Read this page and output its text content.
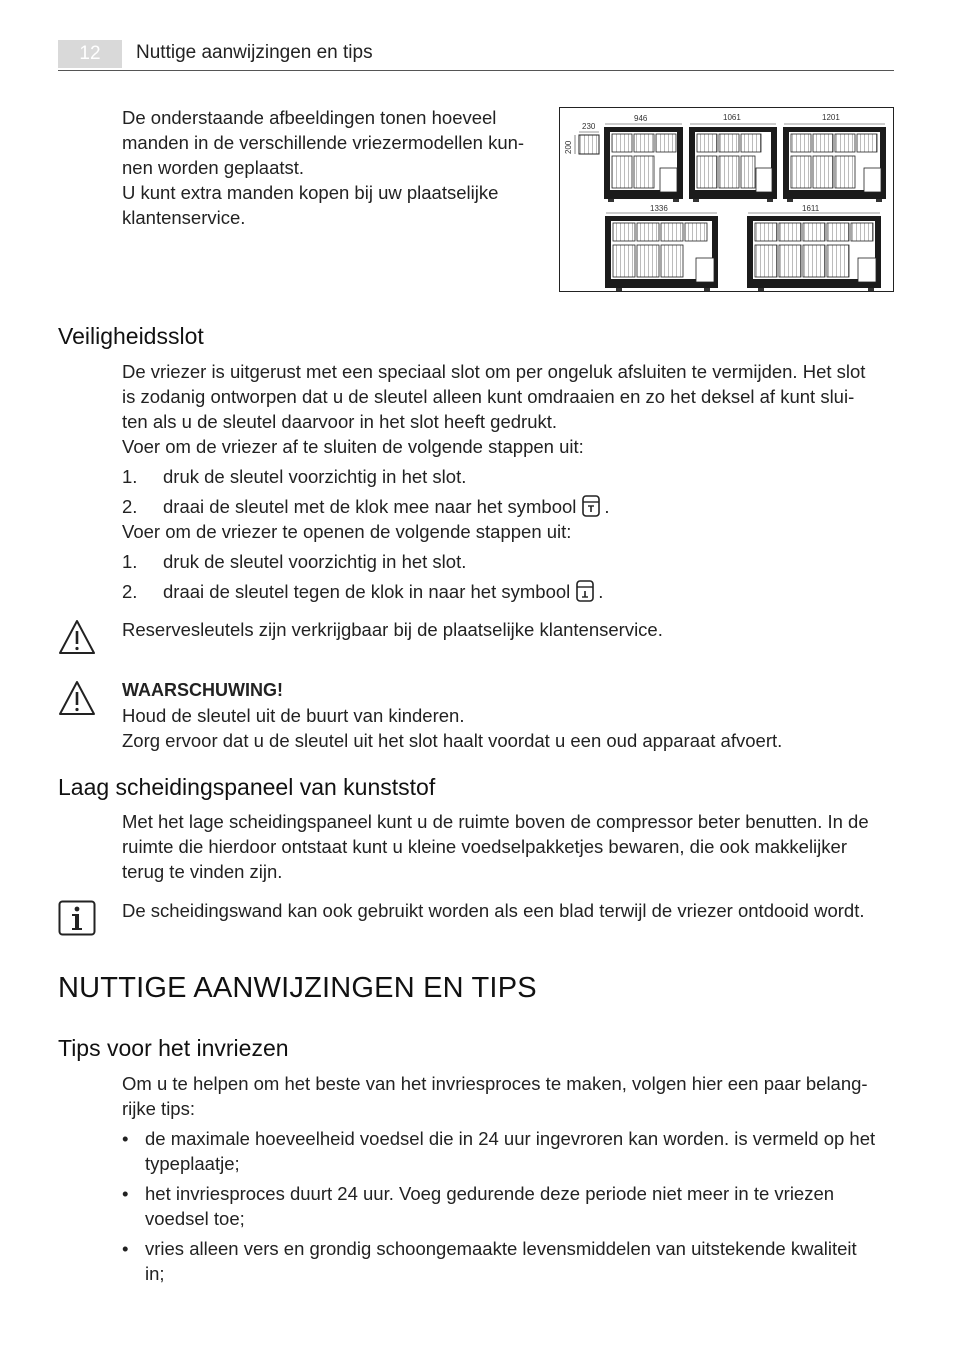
12	Nuttige aanwijzingen en tips
De onderstaande afbeeldingen tonen hoeveel
manden in de verschillende vriezermodellen kun-
nen worden geplaatst.
U kunt extra manden kopen bij uw plaatselijke
klantenservice.
230
200
946	1061	1201
1336	1611
Veiligheidsslot
De vriezer is uitgerust met een speciaal slot om per ongeluk afsluiten te vermijden. Het slot
is zodanig ontworpen dat u de sleutel alleen kunt omdraaien en zo het deksel af kunt slui-
ten als u de sleutel daarvoor in het slot heeft gedrukt.
Voer om de vriezer af te sluiten de volgende stappen uit:
1. druk de sleutel voorzichtig in het slot.
2. draai de sleutel met de klok mee naar het symbool .
Voer om de vriezer te openen de volgende stappen uit:
1. druk de sleutel voorzichtig in het slot.
2. draai de sleutel tegen de klok in naar het symbool .
Reservesleutels zijn verkrijgbaar bij de plaatselijke klantenservice.
WAARSCHUWING!
Houd de sleutel uit de buurt van kinderen.
Zorg ervoor dat u de sleutel uit het slot haalt voordat u een oud apparaat afvoert.
Laag scheidingspaneel van kunststof
Met het lage scheidingspaneel kunt u de ruimte boven de compressor beter benutten. In de
ruimte die hierdoor ontstaat kunt u kleine voedselpakketjes bewaren, die ook makkelijker
terug te vinden zijn.
De scheidingswand kan ook gebruikt worden als een blad terwijl de vriezer ontdooid wordt.
NUTTIGE AANWIJZINGEN EN TIPS
Tips voor het invriezen
Om u te helpen om het beste van het invriesproces te maken, volgen hier een paar belang-
rijke tips:
• de maximale hoeveelheid voedsel die in 24 uur ingevroren kan worden. is vermeld op het
typeplaatje;
• het invriesproces duurt 24 uur. Voeg gedurende deze periode niet meer in te vriezen
voedsel toe;
• vries alleen vers en grondig schoongemaakte levensmiddelen van uitstekende kwaliteit
in;
